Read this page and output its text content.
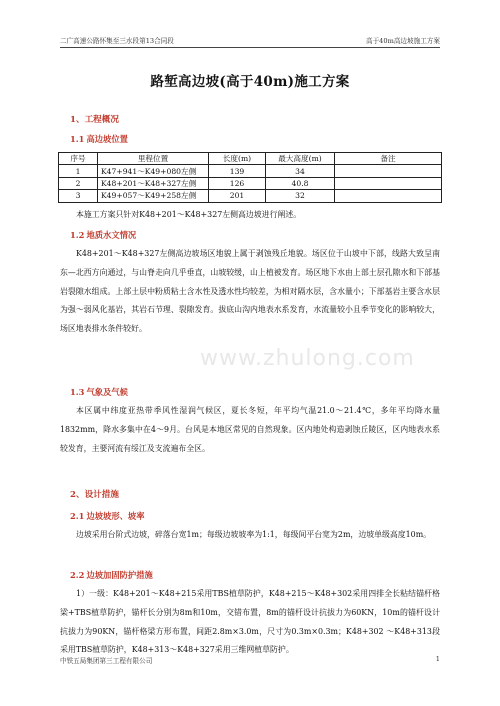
二广高速公路怀集至三水段第13合同段	高于40m高边坡施工方案
路堑高边坡(高于40m)施工方案
1、工程概况
1.1 高边坡位置
序号	里程位置	长度(m)	最大高度(m)	备注
1	K47+941～K49+080左侧	139	34	
2	K48+201～K48+327左侧	126	40.8	
3	K49+057～K49+258左侧	201	32	
本施工方案只针对K48+201～K48+327左侧高边坡进行阐述。
1.2 地质水文情况

K48+201～K48+327左侧高边坡场区地貌上属于剥蚀残丘地貌。场区位于山坡中下部，线路大致呈南东—北西方向通过，与山脊走向几乎垂直，山坡较缓，山上植被发育。场区地下水由上部土层孔隙水和下部基岩裂隙水组成。上部土层中粉质粘土含水性及透水性均较差，为相对隔水层，含水量小；下部基岩主要含水层为强～弱风化基岩，其岩石节理、裂隙发育。拔底山沟内地表水系发育，水流量较小且季节变化的影响较大，场区地表排水条件较好。

1.3 气象及气候

本区属中纬度亚热带季风性湿润气候区，夏长冬短，年平均气温21.0～21.4℃，多年平均降水量1832mm，降水多集中在4～9月。台风是本地区常见的自然现象。区内地处构造剥蚀丘陵区，区内地表水系较发育，主要河流有绥江及支流遍布全区。

2、设计措施
2.1 边坡坡形、坡率

边坡采用台阶式边坡，碎落台宽1m；每级边坡坡率为1:1，每级间平台宽为2m，边坡单级高度10m。

2.2 边坡加固防护措施

1）一级：K48+201～K48+215采用TBS植草防护，K48+215～K48+302采用四排全长粘结锚杆格梁+TBS植草防护，锚杆长分别为8m和10m，交错布置，8m的锚杆设计抗拔力为60KN，10m的锚杆设计抗拔力为90KN，锚杆格梁方形布置，间距2.8m×3.0m，尺寸为0.3m×0.3m；K48+302 ～K48+313段采用TBS植草防护，K48+313～K48+327采用三维网植草防护。

www.zhulong.com
中铁五局集团第三工程有限公司	1
